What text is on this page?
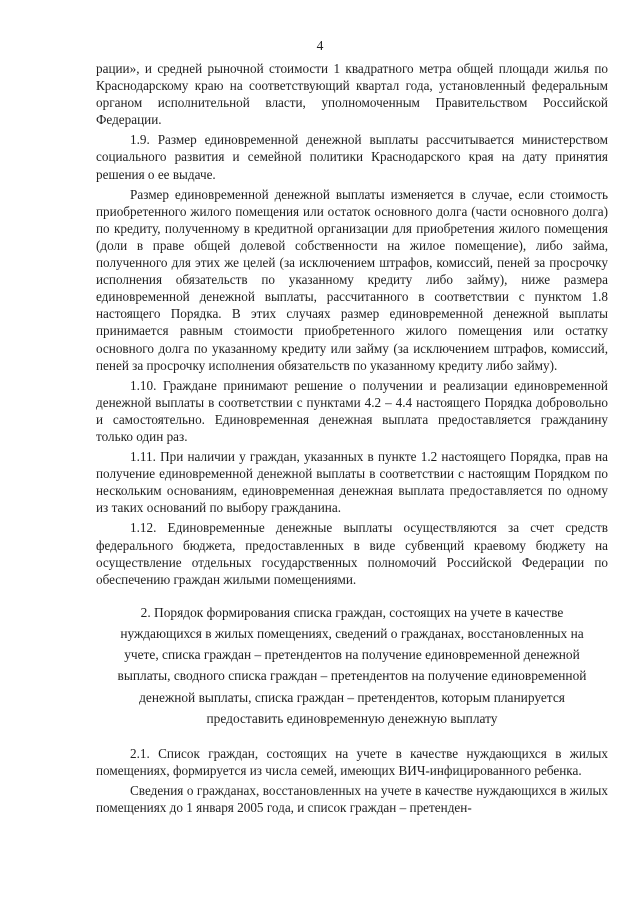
4

рации», и средней рыночной стоимости 1 квадратного метра общей площади жилья по Краснодарскому краю на соответствующий квартал года, установленный федеральным органом исполнительной власти, уполномоченным Правительством Российской Федерации.

1.9. Размер единовременной денежной выплаты рассчитывается министерством социального развития и семейной политики Краснодарского края на дату принятия решения о ее выдаче.

Размер единовременной денежной выплаты изменяется в случае, если стоимость приобретенного жилого помещения или остаток основного долга (части основного долга) по кредиту, полученному в кредитной организации для приобретения жилого помещения (доли в праве общей долевой собственности на жилое помещение), либо займа, полученного для этих же целей (за исключением штрафов, комиссий, пеней за просрочку исполнения обязательств по указанному кредиту либо займу), ниже размера единовременной денежной выплаты, рассчитанного в соответствии с пунктом 1.8 настоящего Порядка. В этих случаях размер единовременной денежной выплаты принимается равным стоимости приобретенного жилого помещения или остатку основного долга по указанному кредиту или займу (за исключением штрафов, комиссий, пеней за просрочку исполнения обязательств по указанному кредиту либо займу).

1.10. Граждане принимают решение о получении и реализации единовременной денежной выплаты в соответствии с пунктами 4.2 – 4.4 настоящего Порядка добровольно и самостоятельно. Единовременная денежная выплата предоставляется гражданину только один раз.

1.11. При наличии у граждан, указанных в пункте 1.2 настоящего Порядка, прав на получение единовременной денежной выплаты в соответствии с настоящим Порядком по нескольким основаниям, единовременная денежная выплата предоставляется по одному из таких оснований по выбору гражданина.

1.12. Единовременные денежные выплаты осуществляются за счет средств федерального бюджета, предоставленных в виде субвенций краевому бюджету на осуществление отдельных государственных полномочий Российской Федерации по обеспечению граждан жилыми помещениями.

2. Порядок формирования списка граждан, состоящих на учете в качестве нуждающихся в жилых помещениях, сведений о гражданах, восстановленных на учете, списка граждан – претендентов на получение единовременной денежной выплаты, сводного списка граждан – претендентов на получение единовременной денежной выплаты, списка граждан – претендентов, которым планируется предоставить единовременную денежную выплату

2.1. Список граждан, состоящих на учете в качестве нуждающихся в жилых помещениях, формируется из числа семей, имеющих ВИЧ-инфицированного ребенка.

Сведения о гражданах, восстановленных на учете в качестве нуждающихся в жилых помещениях до 1 января 2005 года, и список граждан – претенден-
